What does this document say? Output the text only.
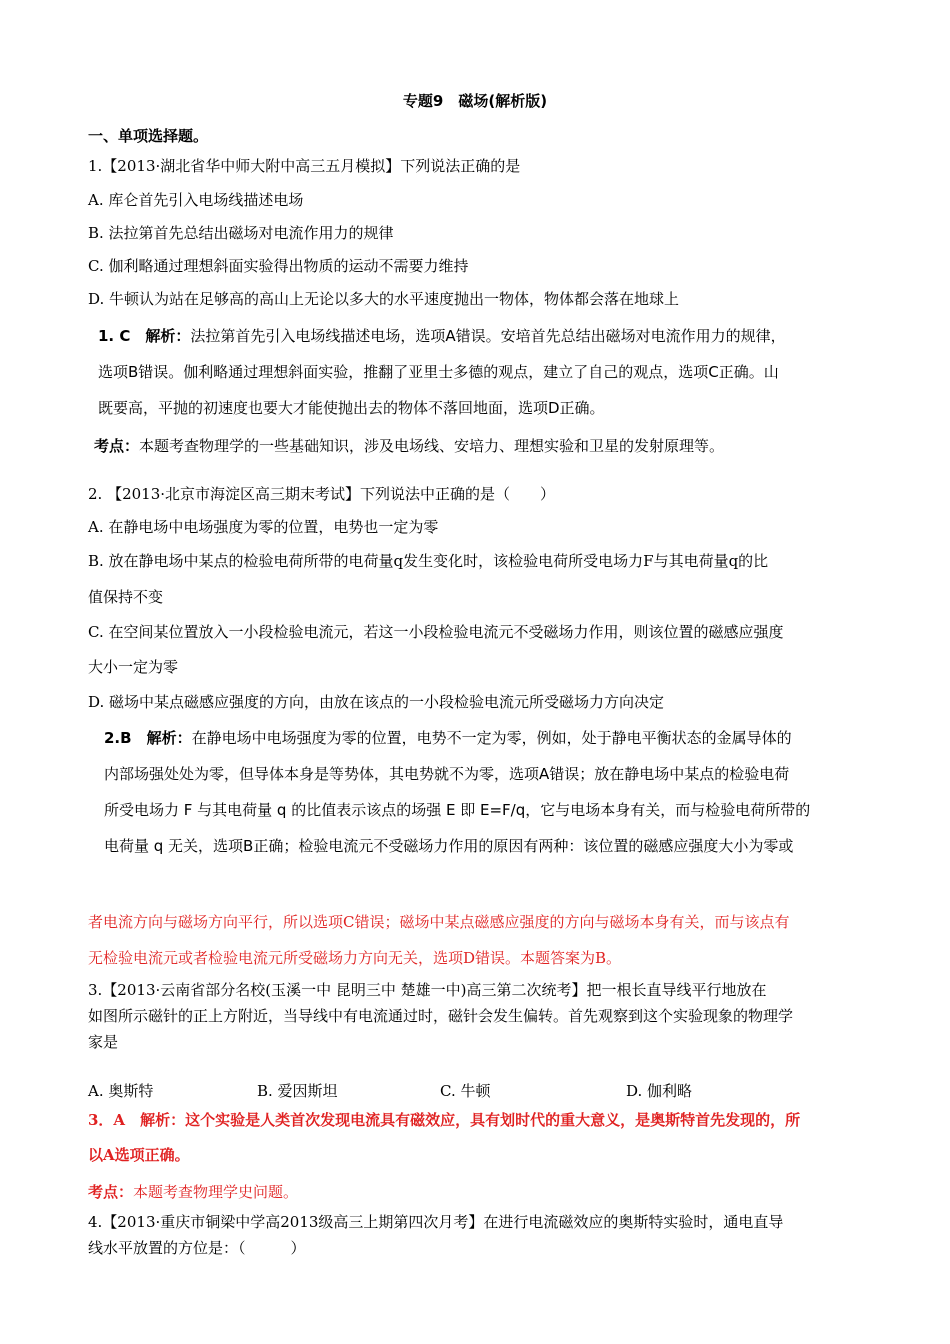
专题9　磁场(解析版)
一、单项选择题。
1.【2013·湖北省华中师大附中高三五月模拟】下列说法正确的是
A. 库仑首先引入电场线描述电场
B. 法拉第首先总结出磁场对电流作用力的规律
C. 伽利略通过理想斜面实验得出物质的运动不需要力维持
D. 牛顿认为站在足够高的高山上无论以多大的水平速度抛出一物体，物体都会落在地球上
1. C　解析：法拉第首先引入电场线描述电场，选项A错误。安培首先总结出磁场对电流作用力的规律，
选项B错误。伽利略通过理想斜面实验，推翻了亚里士多德的观点，建立了自己的观点，选项C正确。山
既要高，平抛的初速度也要大才能使抛出去的物体不落回地面，选项D正确。
考点：本题考查物理学的一些基础知识，涉及电场线、安培力、理想实验和卫星的发射原理等。
2. 【2013·北京市海淀区高三期末考试】下列说法中正确的是（　　）
A. 在静电场中电场强度为零的位置，电势也一定为零
B. 放在静电场中某点的检验电荷所带的电荷量q发生变化时，该检验电荷所受电场力F与其电荷量q的比
值保持不变
C. 在空间某位置放入一小段检验电流元，若这一小段检验电流元不受磁场力作用，则该位置的磁感应强度
大小一定为零
D. 磁场中某点磁感应强度的方向，由放在该点的一小段检验电流元所受磁场力方向决定
2.B　解析：在静电场中电场强度为零的位置，电势不一定为零，例如，处于静电平衡状态的金属导体的
内部场强处处为零，但导体本身是等势体，其电势就不为零，选项A错误；放在静电场中某点的检验电荷
所受电场力 F 与其电荷量 q 的比值表示该点的场强 E 即 E=F/q，它与电场本身有关，而与检验电荷所带的
电荷量 q 无关，选项B正确；检验电流元不受磁场力作用的原因有两种：该位置的磁感应强度大小为零或
者电流方向与磁场方向平行，所以选项C错误；磁场中某点磁感应强度的方向与磁场本身有关，而与该点有
无检验电流元或者检验电流元所受磁场力方向无关，选项D错误。本题答案为B。
3.【2013·云南省部分名校(玉溪一中 昆明三中 楚雄一中)高三第二次统考】把一根长直导线平行地放在
如图所示磁针的正上方附近，当导线中有电流通过时，磁针会发生偏转。首先观察到这个实验现象的物理学
家是
A. 奥斯特	B. 爱因斯坦	C. 牛顿	D. 伽利略
3．A　解析：这个实验是人类首次发现电流具有磁效应，具有划时代的重大意义，是奥斯特首先发现的，所
以A选项正确。
考点：本题考查物理学史问题。
4.【2013·重庆市铜梁中学高2013级高三上期第四次月考】在进行电流磁效应的奥斯特实验时，通电直导
线水平放置的方位是：（　　　）
